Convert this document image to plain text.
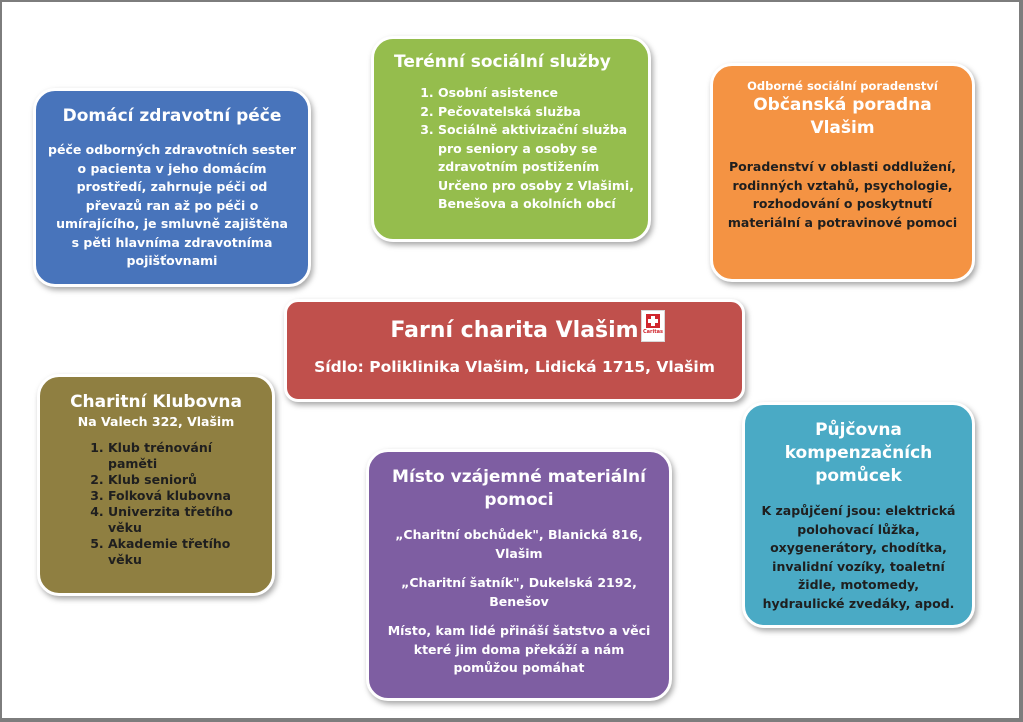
Domácí zdravotní péče
péče odborných zdravotních sester
o pacienta v jeho domácím
prostředí, zahrnuje péči od
převazů ran až po péči o
umírajícího, je smluvně zajištěna
s pěti hlavníma zdravotníma
pojišťovnami
Terénní sociální služby
1. Osobní asistence
2. Pečovatelská služba
3. Sociálně aktivizační služba pro seniory a osoby se zdravotním postižením
Určeno pro osoby z Vlašimi,
Benešova a okolních obcí
Odborné sociální poradenství
Občanská poradna Vlašim
Poradenství v oblasti oddlužení,
rodinných vztahů, psychologie,
rozhodování o poskytnutí
materiální a potravinové pomoci
Farní charita Vlašim
Sídlo: Poliklinika Vlašim, Lidická 1715, Vlašim
Caritas
Charitní Klubovna
Na Valech 322, Vlašim
1. Klub trénování paměti
2. Klub seniorů
3. Folková klubovna
4. Univerzita třetího věku
5. Akademie třetího věku
Místo vzájemné materiální pomoci
„Charitní obchůdek", Blanická 816,
Vlašim
„Charitní šatník", Dukelská 2192,
Benešov
Místo, kam lidé přináší šatstvo a věci
které jim doma překáží a nám
pomůžou pomáhat
Půjčovna kompenzačních pomůcek
K zapůjčení jsou: elektrická
polohovací lůžka,
oxygenerátory, chodítka,
invalidní vozíky, toaletní
židle, motomedy,
hydraulické zvedáky, apod.
